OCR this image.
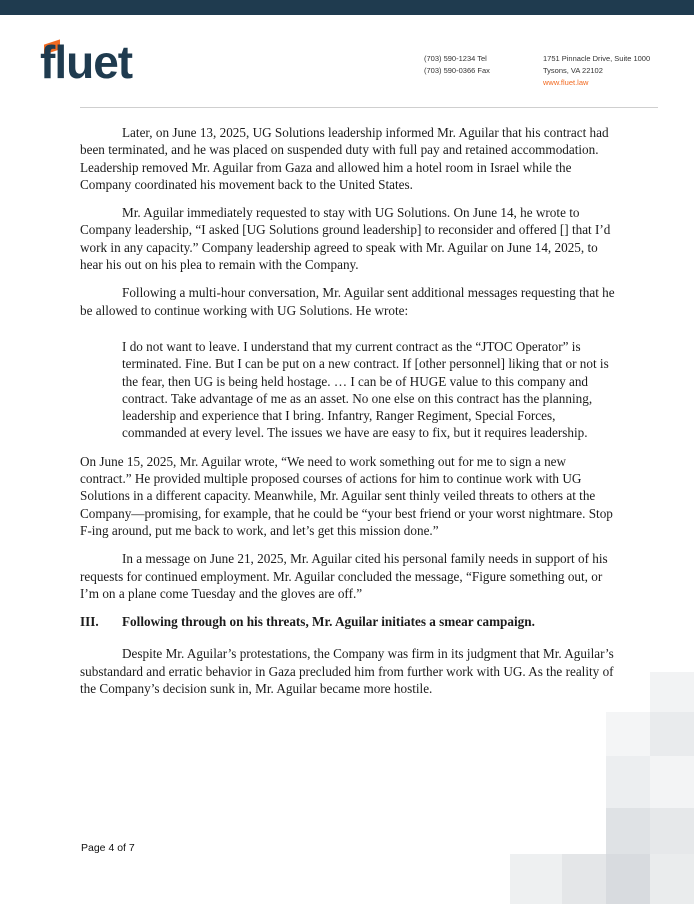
fluet	(703) 590-1234 Tel
(703) 590-0366 Fax
1751 Pinnacle Drive, Suite 1000
Tysons, VA 22102
www.fluet.law

Later, on June 13, 2025, UG Solutions leadership informed Mr. Aguilar that his contract had been terminated, and he was placed on suspended duty with full pay and retained accommodation. Leadership removed Mr. Aguilar from Gaza and allowed him a hotel room in Israel while the Company coordinated his movement back to the United States.

Mr. Aguilar immediately requested to stay with UG Solutions. On June 14, he wrote to Company leadership, “I asked [UG Solutions ground leadership] to reconsider and offered [] that I’d work in any capacity.” Company leadership agreed to speak with Mr. Aguilar on June 14, 2025, to hear his out on his plea to remain with the Company.

Following a multi-hour conversation, Mr. Aguilar sent additional messages requesting that he be allowed to continue working with UG Solutions. He wrote:

I do not want to leave. I understand that my current contract as the “JTOC Operator” is terminated. Fine. But I can be put on a new contract. If [other personnel] liking that or not is the fear, then UG is being held hostage. … I can be of HUGE value to this company and contract. Take advantage of me as an asset. No one else on this contract has the planning, leadership and experience that I bring. Infantry, Ranger Regiment, Special Forces, commanded at every level. The issues we have are easy to fix, but it requires leadership.

On June 15, 2025, Mr. Aguilar wrote, “We need to work something out for me to sign a new contract.” He provided multiple proposed courses of actions for him to continue work with UG Solutions in a different capacity. Meanwhile, Mr. Aguilar sent thinly veiled threats to others at the Company—promising, for example, that he could be “your best friend or your worst nightmare. Stop F-ing around, put me back to work, and let’s get this mission done.”

In a message on June 21, 2025, Mr. Aguilar cited his personal family needs in support of his requests for continued employment. Mr. Aguilar concluded the message, “Figure something out, or I’m on a plane come Tuesday and the gloves are off.”

III. Following through on his threats, Mr. Aguilar initiates a smear campaign.

Despite Mr. Aguilar’s protestations, the Company was firm in its judgment that Mr. Aguilar’s substandard and erratic behavior in Gaza precluded him from further work with UG. As the reality of the Company’s decision sunk in, Mr. Aguilar became more hostile.

Page 4 of 7
